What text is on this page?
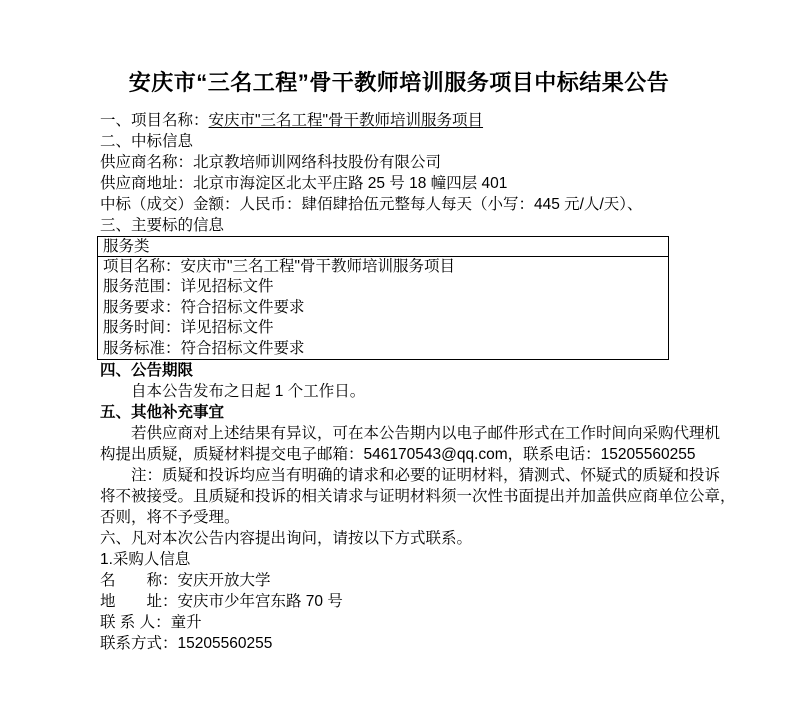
安庆市“三名工程”骨干教师培训服务项目中标结果公告

一、项目名称：安庆市"三名工程"骨干教师培训服务项目

二、中标信息

供应商名称：北京教培师训网络科技股份有限公司

供应商地址：北京市海淀区北太平庄路 25 号 18 幢四层 401

中标（成交）金额：人民币：肆佰肆拾伍元整每人每天（小写：445 元/人/天）、

三、主要标的信息

服务类
项目名称：安庆市"三名工程"骨干教师培训服务项目
服务范围：详见招标文件
服务要求：符合招标文件要求
服务时间：详见招标文件
服务标准：符合招标文件要求

四、公告期限

自本公告发布之日起 1 个工作日。

五、其他补充事宜

若供应商对上述结果有异议，可在本公告期内以电子邮件形式在工作时间向采购代理机

构提出质疑，质疑材料提交电子邮箱：546170543@qq.com，联系电话：15205560255

注：质疑和投诉均应当有明确的请求和必要的证明材料，猜测式、怀疑式的质疑和投诉

将不被接受。且质疑和投诉的相关请求与证明材料须一次性书面提出并加盖供应商单位公章，

否则，将不予受理。

六、凡对本次公告内容提出询问，请按以下方式联系。

1.采购人信息

名　　称：安庆开放大学

地　　址：安庆市少年宫东路 70 号

联 系 人：童升

联系方式：15205560255
